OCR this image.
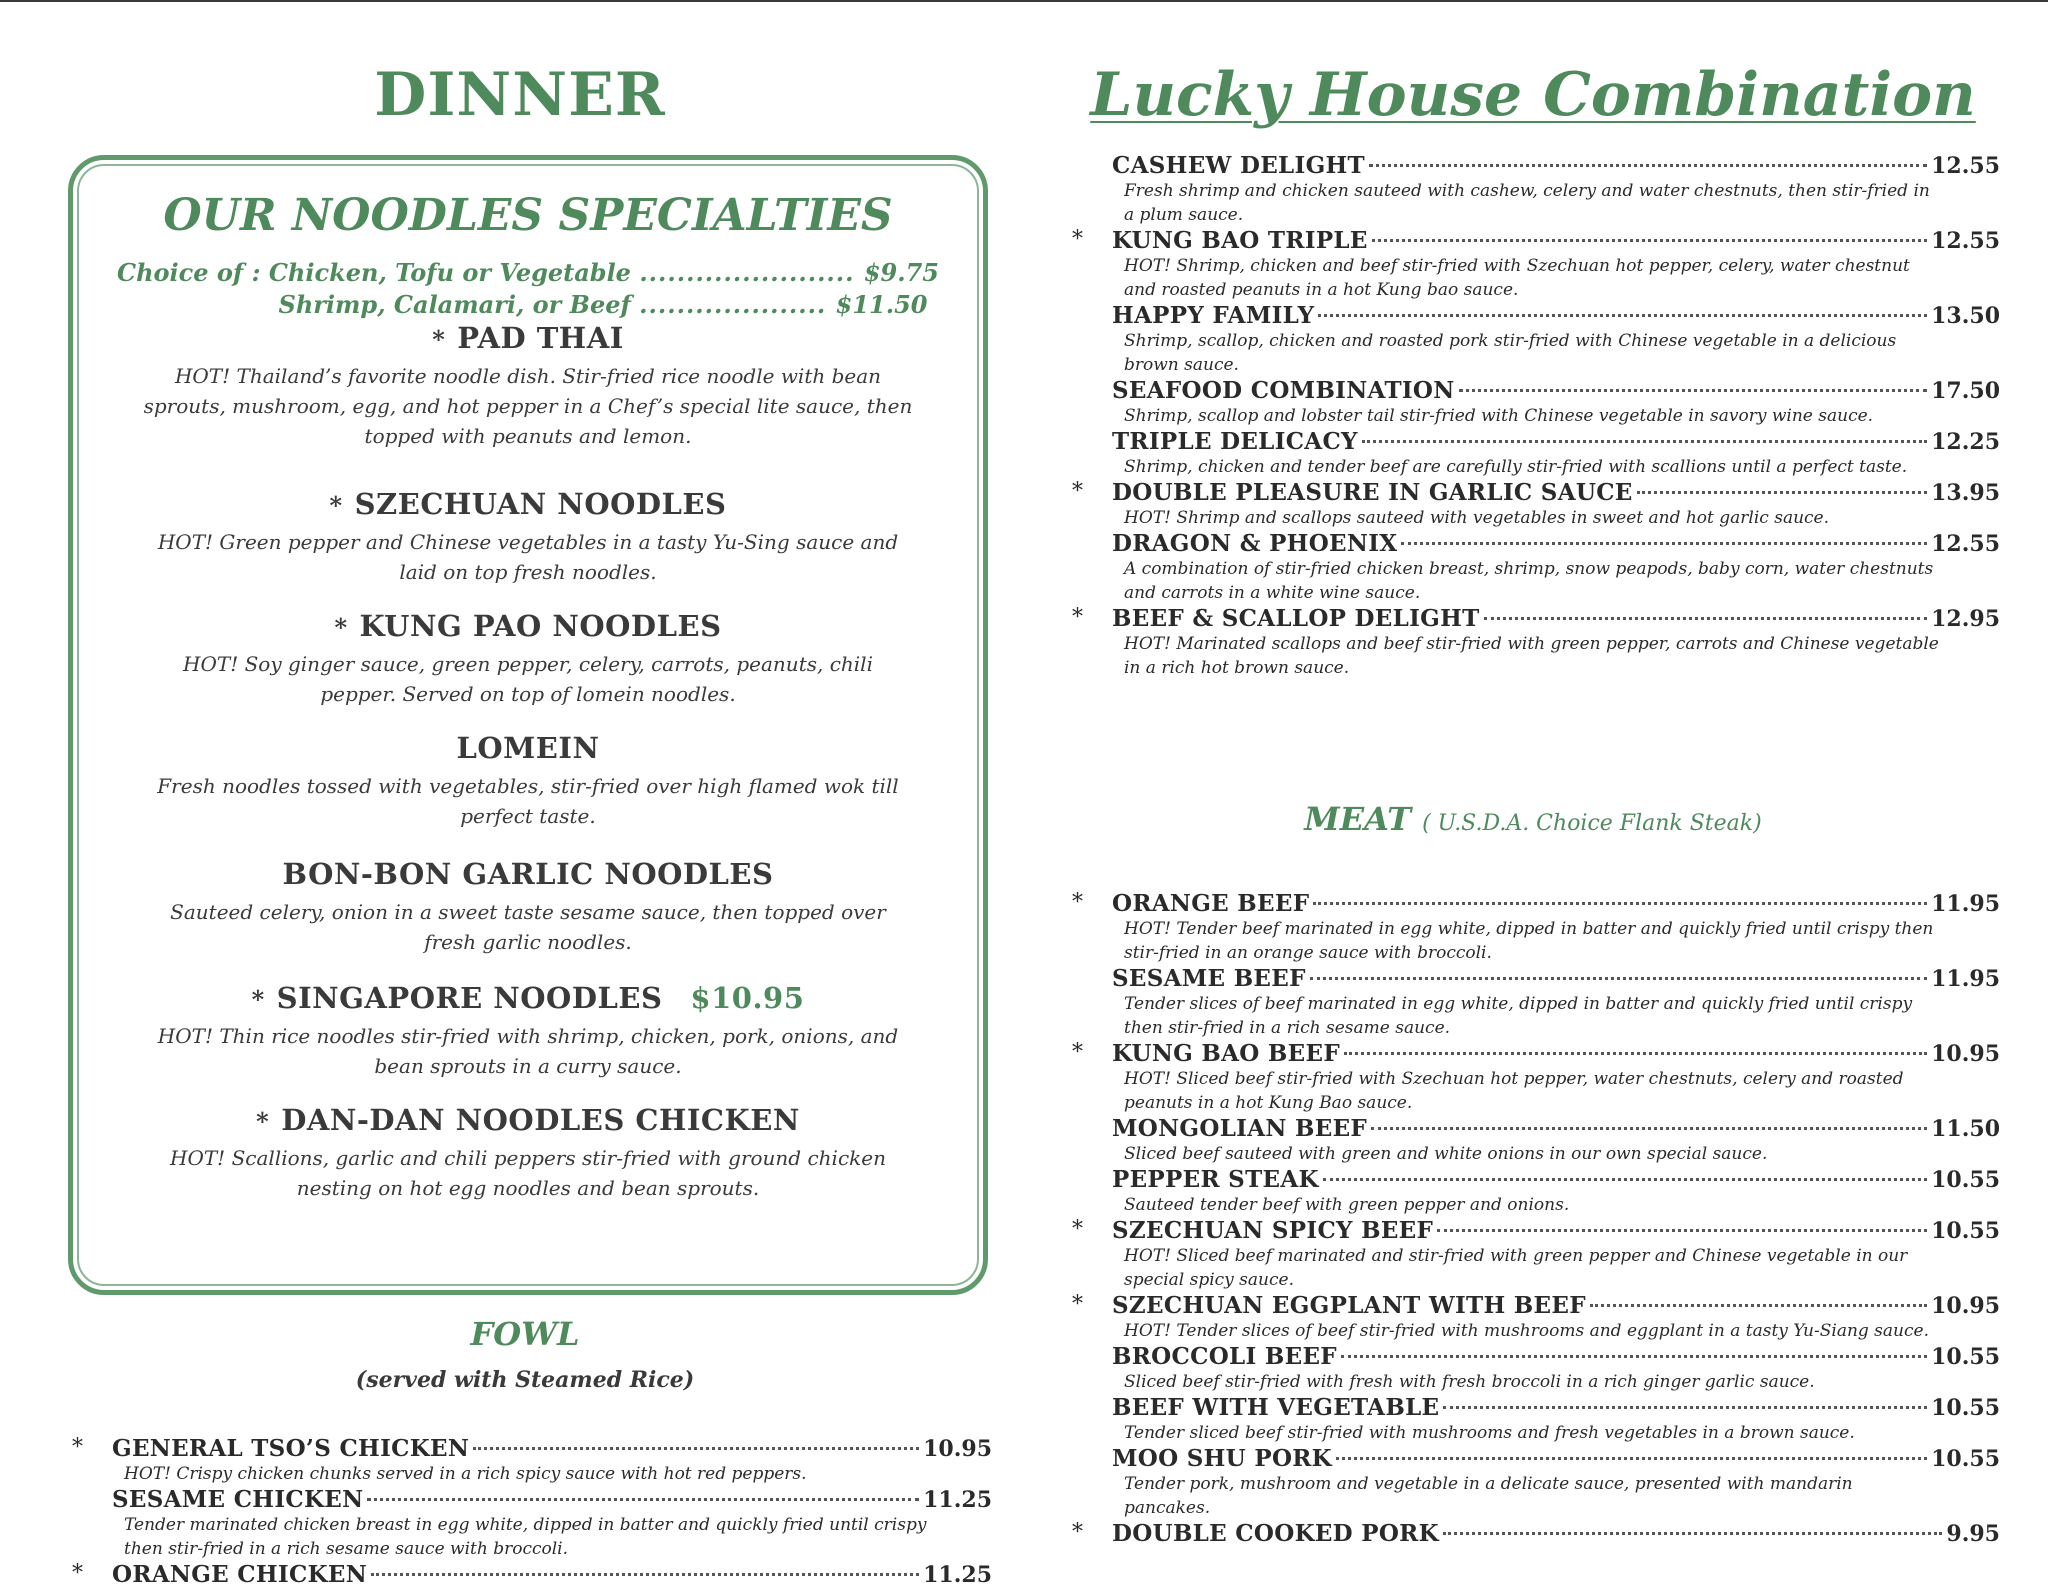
DINNER
OUR NOODLES SPECIALTIES
Choice of : Chicken, Tofu or Vegetable ....................... $9.75
Shrimp, Calamari, or Beef .................... $11.50
* PAD THAI
HOT! Thailand’s favorite noodle dish. Stir-fried rice noodle with bean sprouts, mushroom, egg, and hot pepper in a Chef’s special lite sauce, then topped with peanuts and lemon.
* SZECHUAN NOODLES
HOT! Green pepper and Chinese vegetables in a tasty Yu-Sing sauce and laid on top fresh noodles.
* KUNG PAO NOODLES
HOT! Soy ginger sauce, green pepper, celery, carrots, peanuts, chili pepper. Served on top of lomein noodles.
LOMEIN
Fresh noodles tossed with vegetables, stir-fried over high flamed wok till perfect taste.
BON-BON GARLIC NOODLES
Sauteed celery, onion in a sweet taste sesame sauce, then topped over fresh garlic noodles.
* SINGAPORE NOODLES $10.95
HOT! Thin rice noodles stir-fried with shrimp, chicken, pork, onions, and bean sprouts in a curry sauce.
* DAN-DAN NOODLES CHICKEN
HOT! Scallions, garlic and chili peppers stir-fried with ground chicken nesting on hot egg noodles and bean sprouts.
FOWL
(served with Steamed Rice)
* GENERAL TSO’S CHICKEN	10.95
HOT! Crispy chicken chunks served in a rich spicy sauce with hot red peppers.
SESAME CHICKEN	11.25
Tender marinated chicken breast in egg white, dipped in batter and quickly fried until crispy then stir-fried in a rich sesame sauce with broccoli.
* ORANGE CHICKEN	11.25
Lucky House Combination
CASHEW DELIGHT	12.55
Fresh shrimp and chicken sauteed with cashew, celery and water chestnuts, then stir-fried in a plum sauce.
* KUNG BAO TRIPLE	12.55
HOT! Shrimp, chicken and beef stir-fried with Szechuan hot pepper, celery, water chestnut and roasted peanuts in a hot Kung bao sauce.
HAPPY FAMILY	13.50
Shrimp, scallop, chicken and roasted pork stir-fried with Chinese vegetable in a delicious brown sauce.
SEAFOOD COMBINATION	17.50
Shrimp, scallop and lobster tail stir-fried with Chinese vegetable in savory wine sauce.
TRIPLE DELICACY	12.25
Shrimp, chicken and tender beef are carefully stir-fried with scallions until a perfect taste.
* DOUBLE PLEASURE IN GARLIC SAUCE	13.95
HOT! Shrimp and scallops sauteed with vegetables in sweet and hot garlic sauce.
DRAGON & PHOENIX	12.55
A combination of stir-fried chicken breast, shrimp, snow peapods, baby corn, water chestnuts and carrots in a white wine sauce.
* BEEF & SCALLOP DELIGHT	12.95
HOT! Marinated scallops and beef stir-fried with green pepper, carrots and Chinese vegetable in a rich hot brown sauce.
MEAT ( U.S.D.A. Choice Flank Steak)
* ORANGE BEEF	11.95
HOT! Tender beef marinated in egg white, dipped in batter and quickly fried until crispy then stir-fried in an orange sauce with broccoli.
SESAME BEEF	11.95
Tender slices of beef marinated in egg white, dipped in batter and quickly fried until crispy then stir-fried in a rich sesame sauce.
* KUNG BAO BEEF	10.95
HOT! Sliced beef stir-fried with Szechuan hot pepper, water chestnuts, celery and roasted peanuts in a hot Kung Bao sauce.
MONGOLIAN BEEF	11.50
Sliced beef sauteed with green and white onions in our own special sauce.
PEPPER STEAK	10.55
Sauteed tender beef with green pepper and onions.
* SZECHUAN SPICY BEEF	10.55
HOT! Sliced beef marinated and stir-fried with green pepper and Chinese vegetable in our special spicy sauce.
* SZECHUAN EGGPLANT WITH BEEF	10.95
HOT! Tender slices of beef stir-fried with mushrooms and eggplant in a tasty Yu-Siang sauce.
BROCCOLI BEEF	10.55
Sliced beef stir-fried with fresh with fresh broccoli in a rich ginger garlic sauce.
BEEF WITH VEGETABLE	10.55
Tender sliced beef stir-fried with mushrooms and fresh vegetables in a brown sauce.
MOO SHU PORK	10.55
Tender pork, mushroom and vegetable in a delicate sauce, presented with mandarin pancakes.
* DOUBLE COOKED PORK	9.95
